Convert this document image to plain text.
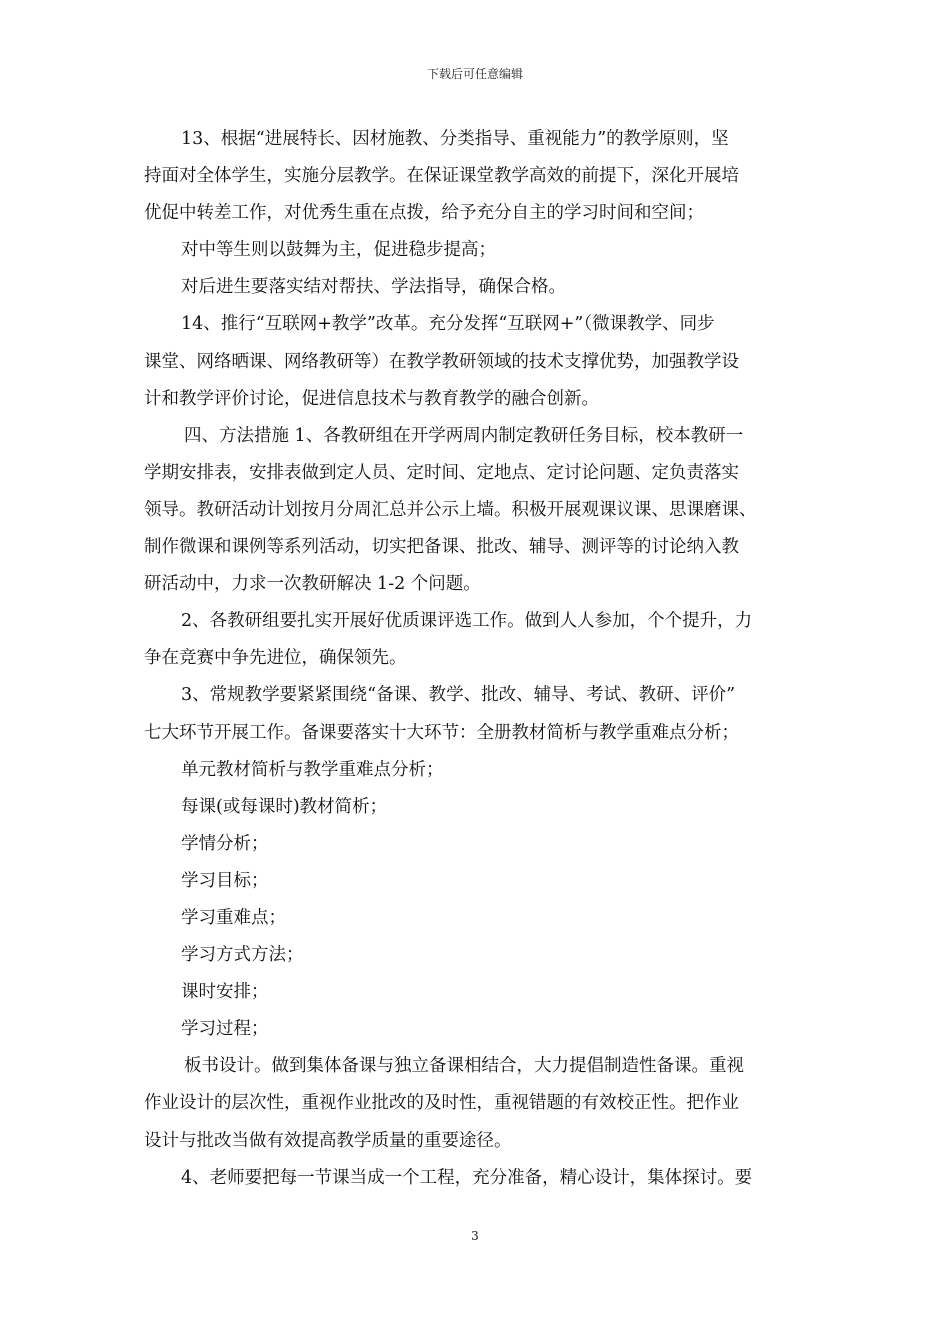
下载后可任意编辑
13、根据“进展特长、因材施教、分类指导、重视能力”的教学原则，坚
持面对全体学生，实施分层教学。在保证课堂教学高效的前提下，深化开展培
优促中转差工作，对优秀生重在点拨，给予充分自主的学习时间和空间；
对中等生则以鼓舞为主，促进稳步提高；
对后进生要落实结对帮扶、学法指导，确保合格。
14、推行“互联网+教学”改革。充分发挥“互联网+”（微课教学、同步
课堂、网络晒课、网络教研等）在教学教研领域的技术支撑优势，加强教学设
计和教学评价讨论，促进信息技术与教育教学的融合创新。
四、方法措施 1、各教研组在开学两周内制定教研任务目标，校本教研一
学期安排表，安排表做到定人员、定时间、定地点、定讨论问题、定负责落实
领导。教研活动计划按月分周汇总并公示上墙。积极开展观课议课、思课磨课、
制作微课和课例等系列活动，切实把备课、批改、辅导、测评等的讨论纳入教
研活动中，力求一次教研解决 1-2 个问题。
2、各教研组要扎实开展好优质课评选工作。做到人人参加，个个提升，力
争在竞赛中争先进位，确保领先。
3、常规教学要紧紧围绕“备课、教学、批改、辅导、考试、教研、评价”
七大环节开展工作。备课要落实十大环节：全册教材简析与教学重难点分析；
单元教材简析与教学重难点分析；
每课(或每课时)教材简析；
学情分析；
学习目标；
学习重难点；
学习方式方法；
课时安排；
学习过程；
板书设计。做到集体备课与独立备课相结合，大力提倡制造性备课。重视
作业设计的层次性，重视作业批改的及时性，重视错题的有效校正性。把作业
设计与批改当做有效提高教学质量的重要途径。
4、老师要把每一节课当成一个工程，充分准备，精心设计，集体探讨。要
3
